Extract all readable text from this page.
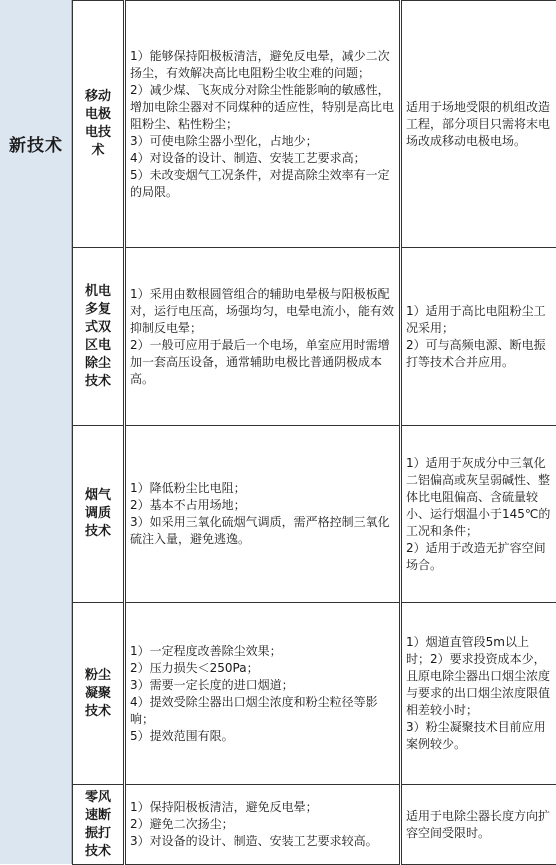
新技术
移动电极电技术	1）能够保持阳极板清洁，避免反电晕，减少二次扬尘，有效解决高比电阻粉尘收尘难的问题；
2）减少煤、飞灰成分对除尘性能影响的敏感性，增加电除尘器对不同煤种的适应性，特别是高比电阻粉尘、粘性粉尘；
3）可使电除尘器小型化，占地少；
4）对设备的设计、制造、安装工艺要求高；
5）未改变烟气工况条件，对提高除尘效率有一定的局限。	适用于场地受限的机组改造工程，部分项目只需将末电场改成移动电极电场。

机电多复式双区电除尘技术	1）采用由数根圆管组合的辅助电晕极与阳极板配对，运行电压高，场强均匀，电晕电流小，能有效抑制反电晕；
2）一般可应用于最后一个电场，单室应用时需增加一套高压设备，通常辅助电极比普通阴极成本高。	1）适用于高比电阻粉尘工况采用；
2）可与高频电源、断电振打等技术合并应用。

烟气调质技术	1）降低粉尘比电阻；
2）基本不占用场地；
3）如采用三氧化硫烟气调质，需严格控制三氧化硫注入量，避免逃逸。	1）适用于灰成分中三氧化二铝偏高或灰呈弱碱性、整体比电阻偏高、含硫量较小、运行烟温小于145℃的工况和条件；
2）适用于改造无扩容空间场合。

粉尘凝聚技术	1）一定程度改善除尘效果；
2）压力损失＜250Pa；
3）需要一定长度的进口烟道；
4）提效受除尘器出口烟尘浓度和粉尘粒径等影响；
5）提效范围有限。	1）烟道直管段5m以上时；2）要求投资成本少，且原电除尘器出口烟尘浓度与要求的出口烟尘浓度限值相差较小时；
3）粉尘凝聚技术目前应用案例较少。

零风速断振打技术	1）保持阳极板清洁，避免反电晕；
2）避免二次扬尘；
3）对设备的设计、制造、安装工艺要求较高。	适用于电除尘器长度方向扩容空间受限时。
